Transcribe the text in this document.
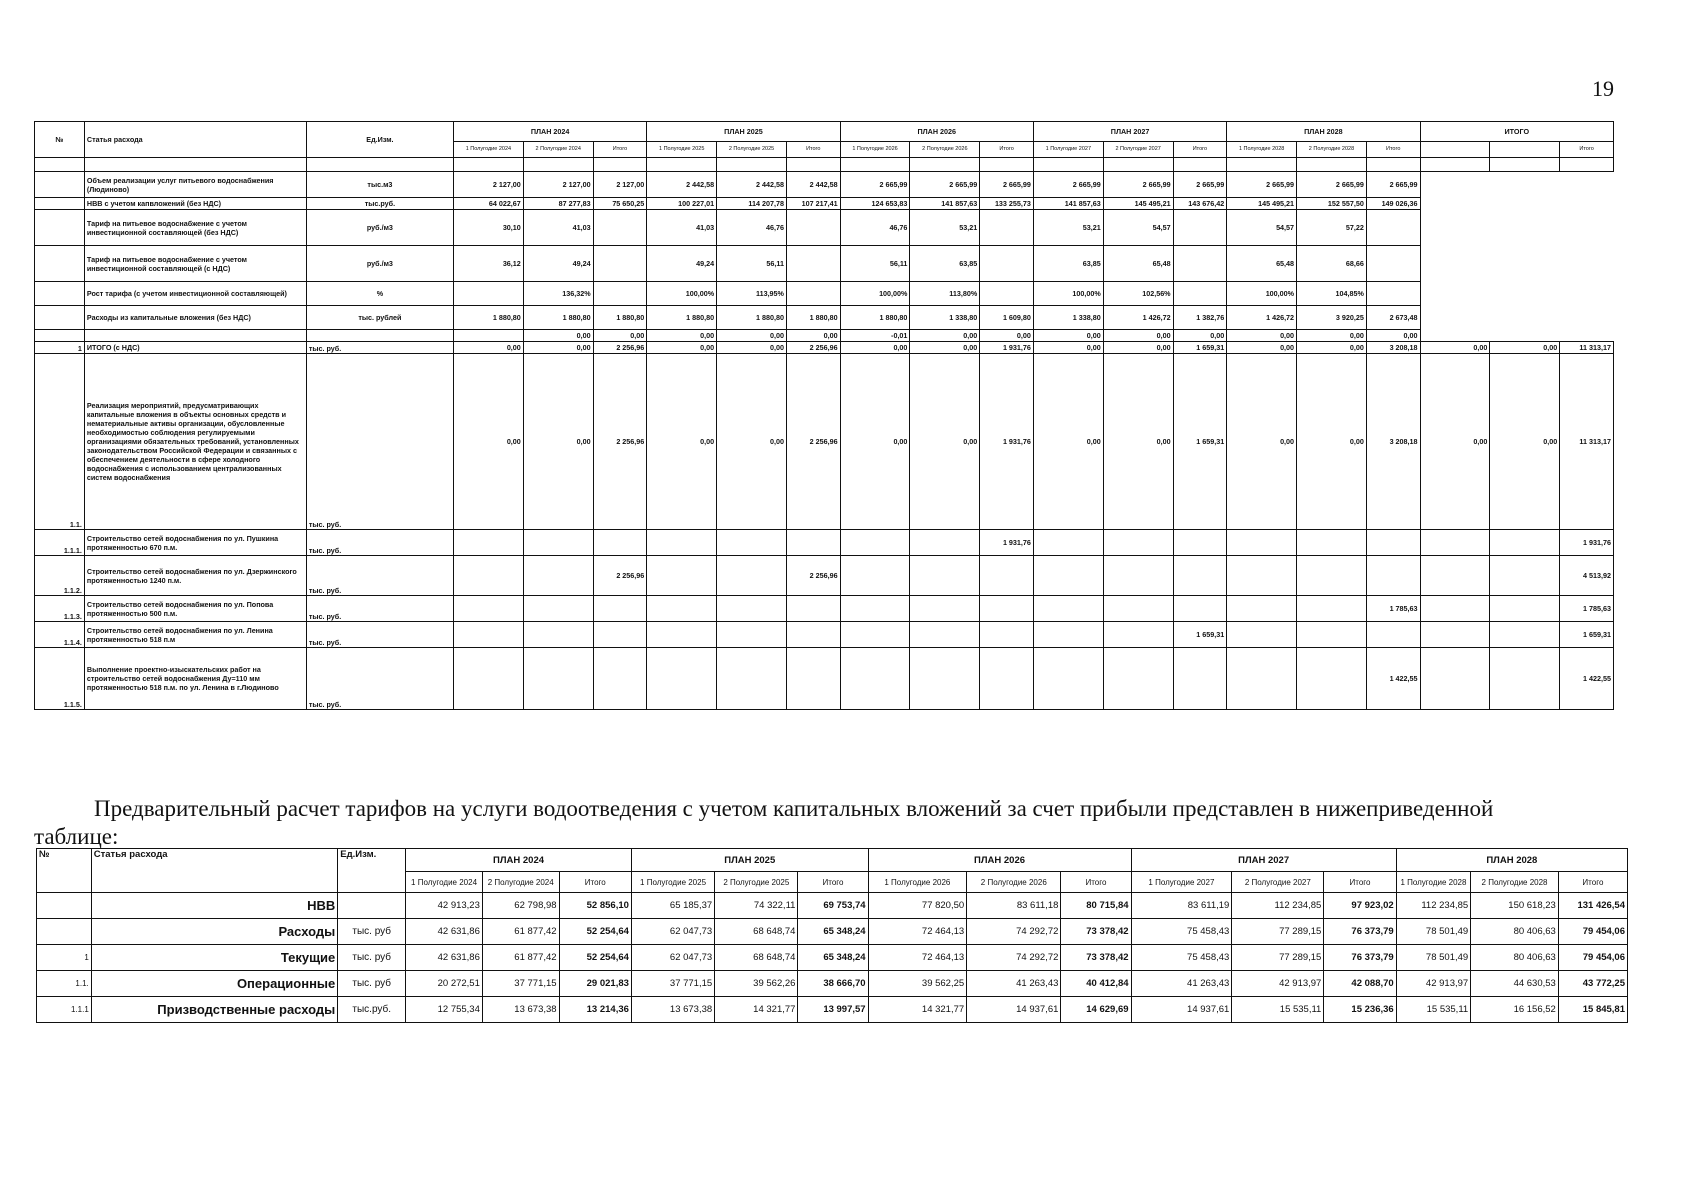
19
№	Статья расхода	Ед.Изм.	ПЛАН 2024			ПЛАН 2025			ПЛАН 2026			ПЛАН 2027			ПЛАН 2028			ИТОГО		
			1 Полугодие 2024	2 Полугодие 2024	Итого	1 Полугодие 2025	2 Полугодие 2025	Итого	1 Полугодие 2026	2 Полугодие 2026	Итого	1 Полугодие 2027	2 Полугодие 2027	Итого	1 Полугодие 2028	2 Полугодие 2028	Итого			Итого

	Объем реализации услуг питьевого водоснабжения (Людиново)	тыс.м3	2 127,00	2 127,00	2 127,00	2 442,58	2 442,58	2 442,58	2 665,99	2 665,99	2 665,99	2 665,99	2 665,99	2 665,99	2 665,99	2 665,99	2 665,99			
	НВВ с учетом капвложений (без НДС)	тыс.руб.	64 022,67	87 277,83	75 650,25	100 227,01	114 207,78	107 217,41	124 653,83	141 857,63	133 255,73	141 857,63	145 495,21	143 676,42	145 495,21	152 557,50	149 026,36			
	Тариф на питьевое водоснабжение с учетом инвестиционной составляющей (без НДС)	руб./м3	30,10	41,03		41,03	46,76		46,76	53,21		53,21	54,57		54,57	57,22				
	Тариф на питьевое водоснабжение с учетом инвестиционной составляющей (с НДС)	руб./м3	36,12	49,24		49,24	56,11		56,11	63,85		63,85	65,48		65,48	68,66				
	Рост тарифа (с учетом инвестиционной составляющей)	%		136,32%		100,00%	113,95%		100,00%	113,80%		100,00%	102,56%		100,00%	104,85%				
	Расходы из капитальные вложения (без НДС)	тыс. рублей	1 880,80	1 880,80	1 880,80	1 880,80	1 880,80	1 880,80	1 880,80	1 338,80	1 609,80	1 338,80	1 426,72	1 382,76	1 426,72	3 920,25	2 673,48			
				0,00	0,00	0,00	0,00	0,00	-0,01	0,00	0,00	0,00	0,00	0,00	0,00	0,00	0,00			
1	ИТОГО (с НДС)	тыс. руб.	0,00	0,00	2 256,96	0,00	0,00	2 256,96	0,00	0,00	1 931,76	0,00	0,00	1 659,31	0,00	0,00	3 208,18	0,00	0,00	11 313,17
1.1.	Реализация мероприятий, предусматривающих капитальные вложения в объекты основных средств и нематериальные активы организации, обусловленные необходимостью соблюдения регулируемыми организациями обязательных требований, установленных законодательством Российской Федерации и связанных с обеспечением деятельности в сфере холодного водоснабжения с использованием централизованных систем водоснабжения	тыс. руб.	0,00	0,00	2 256,96	0,00	0,00	2 256,96	0,00	0,00	1 931,76	0,00	0,00	1 659,31	0,00	0,00	3 208,18	0,00	0,00	11 313,17
1.1.1.	Строительство сетей водоснабжения по ул. Пушкина протяженностью 670 п.м.	тыс. руб.									1 931,76									1 931,76
1.1.2.	Строительство сетей водоснабжения по ул. Дзержинского протяженностью 1240 п.м.	тыс. руб.			2 256,96			2 256,96												4 513,92
1.1.3.	Строительство сетей водоснабжения по ул. Попова протяженностью 500 п.м.	тыс. руб.															1 785,63			1 785,63
1.1.4.	Строительство сетей водоснабжения по ул. Ленина протяженностью 518 п.м	тыс. руб.												1 659,31						1 659,31
1.1.5.	Выполнение проектно-изыскательских работ на строительство сетей водоснабжения Ду=110 мм протяженностью 518 п.м. по ул. Ленина в г.Людиново	тыс. руб.															1 422,55			1 422,55
Предварительный расчет тарифов на услуги водоотведения с учетом капитальных вложений за счет прибыли представлен в нижеприведенной
таблице:
№	Статья расхода	Ед.Изм.	ПЛАН 2024			ПЛАН 2025			ПЛАН 2026			ПЛАН 2027			ПЛАН 2028		
			1 Полугодие 2024	2 Полугодие 2024	Итого	1 Полугодие 2025	2 Полугодие 2025	Итого	1 Полугодие 2026	2 Полугодие 2026	Итого	1 Полугодие 2027	2 Полугодие 2027	Итого	1 Полугодие 2028	2 Полугодие 2028	Итого
	НВВ		42 913,23	62 798,98	52 856,10	65 185,37	74 322,11	69 753,74	77 820,50	83 611,18	80 715,84	83 611,19	112 234,85	97 923,02	112 234,85	150 618,23	131 426,54
	Расходы	тыс. руб	42 631,86	61 877,42	52 254,64	62 047,73	68 648,74	65 348,24	72 464,13	74 292,72	73 378,42	75 458,43	77 289,15	76 373,79	78 501,49	80 406,63	79 454,06
1	Текущие	тыс. руб	42 631,86	61 877,42	52 254,64	62 047,73	68 648,74	65 348,24	72 464,13	74 292,72	73 378,42	75 458,43	77 289,15	76 373,79	78 501,49	80 406,63	79 454,06
1.1.	Операционные	тыс. руб	20 272,51	37 771,15	29 021,83	37 771,15	39 562,26	38 666,70	39 562,25	41 263,43	40 412,84	41 263,43	42 913,97	42 088,70	42 913,97	44 630,53	43 772,25
1.1.1	Призводственные расходы	тыс.руб.	12 755,34	13 673,38	13 214,36	13 673,38	14 321,77	13 997,57	14 321,77	14 937,61	14 629,69	14 937,61	15 535,11	15 236,36	15 535,11	16 156,52	15 845,81
